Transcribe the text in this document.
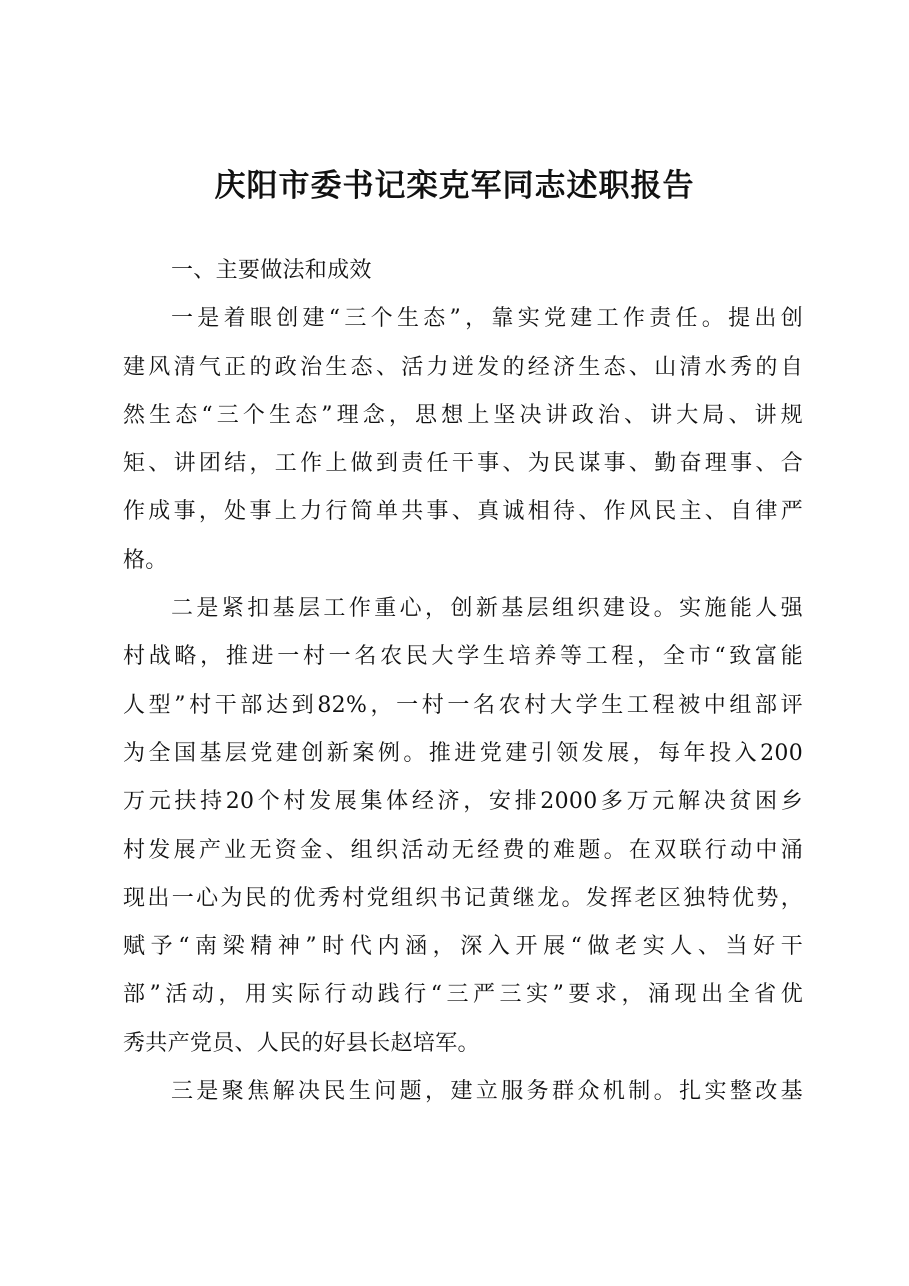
庆阳市委书记栾克军同志述职报告
一、主要做法和成效
一是着眼创建“三个生态”，靠实党建工作责任。提出创
建风清气正的政治生态、活力迸发的经济生态、山清水秀的自
然生态“三个生态”理念，思想上坚决讲政治、讲大局、讲规
矩、讲团结，工作上做到责任干事、为民谋事、勤奋理事、合
作成事，处事上力行简单共事、真诚相待、作风民主、自律严
格。
二是紧扣基层工作重心，创新基层组织建设。实施能人强
村战略，推进一村一名农民大学生培养等工程，全市“致富能
人型”村干部达到82%，一村一名农村大学生工程被中组部评
为全国基层党建创新案例。推进党建引领发展，每年投入200
万元扶持20个村发展集体经济，安排2000多万元解决贫困乡
村发展产业无资金、组织活动无经费的难题。在双联行动中涌
现出一心为民的优秀村党组织书记黄继龙。发挥老区独特优势，
赋予“南梁精神”时代内涵，深入开展“做老实人、当好干
部”活动，用实际行动践行“三严三实”要求，涌现出全省优
秀共产党员、人民的好县长赵培军。
三是聚焦解决民生问题，建立服务群众机制。扎实整改基
